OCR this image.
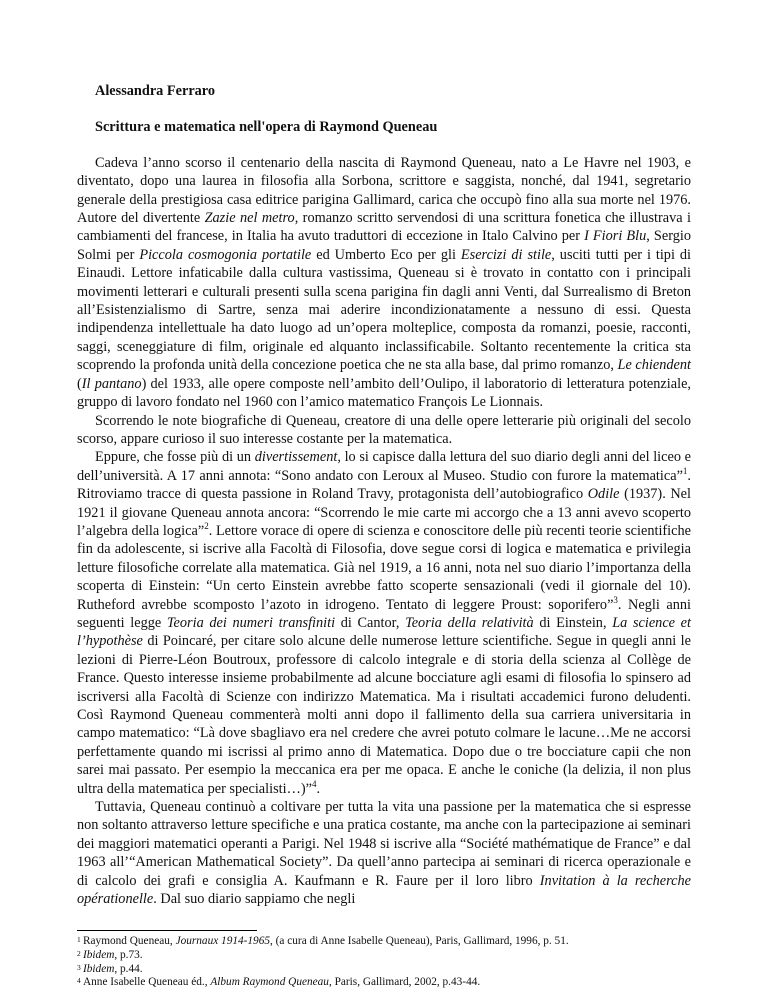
Alessandra Ferraro

Scrittura e matematica nell'opera di Raymond Queneau

Cadeva l’anno scorso il centenario della nascita di Raymond Queneau, nato a Le Havre nel 1903, e diventato, dopo una laurea in filosofia alla Sorbona, scrittore e saggista, nonché, dal 1941, segretario generale della prestigiosa casa editrice parigina Gallimard, carica che occupò fino alla sua morte nel 1976. Autore del divertente Zazie nel metro, romanzo scritto servendosi di una scrittura fonetica che illustrava i cambiamenti del francese, in Italia ha avuto traduttori di eccezione in Italo Calvino per I Fiori Blu, Sergio Solmi per Piccola cosmogonia portatile ed Umberto Eco per gli Esercizi di stile, usciti tutti per i tipi di Einaudi. Lettore infaticabile dalla cultura vastissima, Queneau si è trovato in contatto con i principali movimenti letterari e culturali presenti sulla scena parigina fin dagli anni Venti, dal Surrealismo di Breton all’Esistenzialismo di Sartre, senza mai aderire incondizionatamente a nessuno di essi. Questa indipendenza intellettuale ha dato luogo ad un’opera molteplice, composta da romanzi, poesie, racconti, saggi, sceneggiature di film, originale ed alquanto inclassificabile. Soltanto recentemente la critica sta scoprendo la profonda unità della concezione poetica che ne sta alla base, dal primo romanzo, Le chiendent (Il pantano) del 1933, alle opere composte nell’ambito dell’Oulipo, il laboratorio di letteratura potenziale, gruppo di lavoro fondato nel 1960 con l’amico matematico François Le Lionnais.

Scorrendo le note biografiche di Queneau, creatore di una delle opere letterarie più originali del secolo scorso, appare curioso il suo interesse costante per la matematica.

Eppure, che fosse più di un divertissement, lo si capisce dalla lettura del suo diario degli anni del liceo e dell’università. A 17 anni annota: “Sono andato con Leroux al Museo. Studio con furore la matematica”$^1$. Ritroviamo tracce di questa passione in Roland Travy, protagonista dell’autobiografico Odile (1937). Nel 1921 il giovane Queneau annota ancora: “Scorrendo le mie carte mi accorgo che a 13 anni avevo scoperto l’algebra della logica”$^2$. Lettore vorace di opere di scienza e conoscitore delle più recenti teorie scientifiche fin da adolescente, si iscrive alla Facoltà di Filosofia, dove segue corsi di logica e matematica e privilegia letture filosofiche correlate alla matematica. Già nel 1919, a 16 anni, nota nel suo diario l’importanza della scoperta di Einstein: “Un certo Einstein avrebbe fatto scoperte sensazionali (vedi il giornale del 10). Rutheford avrebbe scomposto l’azoto in idrogeno. Tentato di leggere Proust: soporifero”$^3$. Negli anni seguenti legge Teoria dei numeri transfiniti di Cantor, Teoria della relatività di Einstein, La science et l’hypothèse di Poincaré, per citare solo alcune delle numerose letture scientifiche. Segue in quegli anni le lezioni di Pierre-Léon Boutroux, professore di calcolo integrale e di storia della scienza al Collège de France. Questo interesse insieme probabilmente ad alcune bocciature agli esami di filosofia lo spinsero ad iscriversi alla Facoltà di Scienze con indirizzo Matematica. Ma i risultati accademici furono deludenti. Così Raymond Queneau commenterà molti anni dopo il fallimento della sua carriera universitaria in campo matematico: “Là dove sbagliavo era nel credere che avrei potuto colmare le lacune…Me ne accorsi perfettamente quando mi iscrissi al primo anno di Matematica. Dopo due o tre bocciature capii che non sarei mai passato. Per esempio la meccanica era per me opaca. E anche le coniche (la delizia, il non plus ultra della matematica per specialisti…)”$^4$.

Tuttavia, Queneau continuò a coltivare per tutta la vita una passione per la matematica che si espresse non soltanto attraverso letture specifiche e una pratica costante, ma anche con la partecipazione ai seminari dei maggiori matematici operanti a Parigi. Nel 1948 si iscrive alla “Société mathématique de France” e dal 1963 all’“American Mathematical Society”. Da quell’anno partecipa ai seminari di ricerca operazionale e di calcolo dei grafi e consiglia A. Kaufmann e R. Faure per il loro libro Invitation à la recherche opérationelle. Dal suo diario sappiamo che negli

1 Raymond Queneau, Journaux 1914-1965, (a cura di Anne Isabelle Queneau), Paris, Gallimard, 1996, p. 51.

2 Ibidem, p.73.

3 Ibidem, p.44.

4 Anne Isabelle Queneau éd., Album Raymond Queneau, Paris, Gallimard, 2002, p.43-44.
